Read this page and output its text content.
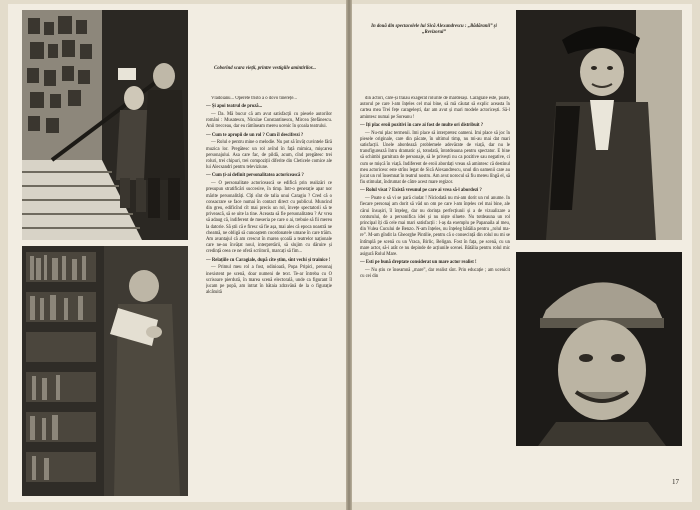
Coborînd scara vieții, printre vestigiile amintirilor...

Vlădoianu... Operete tristo a o dovo tinerețe...

— Și apoi teatrul de proză...

— Da. Mă bucur că am avut satisfacții cu piesele autorilor români : Musatescu, Niculae Constantinescu, Mircea Ștefănescu. Anii trecceau, dar eu rămîneam mereu ucenic în școala teatrului.

— Cum te apropii de un rol ? Cum îl descifrezi ?

— Rolul e pentru mine o melodie. Nu pot să învăț cuvintele fără muzica lor. Pregătesc un rol avînd în față mimica, mișcarea personajului. Asa care fac, de pildă, acum, cînd pregătesc trei roluri, trei chipuri, trei compoziții diferite din Cleticele comice ale lui Alecsandri pentru televiziune.

— Cum ți-ai definit personalitatea actoricească ?

— O personalitate actoricească se edifică prin realizări ce presupun stratificări succesive, în timp. Intr-o generație apar nor mărite personalități. Cîți sînt de talia unui Caragiu ? Cred că o consacrare se face numai în contact direct cu publicul. Muncind din greu, edificînd cît mai precis un rol, învețe spectatorii să te privească, să se uite la tine. Aceasta să fie personalitatea ? Ar vrea să adaug că, indiferent de meseria pe care o ai, trebuie să fii mereu la datorie. Să știi că e firesc să fie așa, mai ales că epoca noastră ne cheamă, ne obligă să cunoaștem coordonatele umane în care trăim. Am avantajul că am crescut în marea școală a teatrelor naționale care ne-au învățat noul, interpretării, să slujim cu dăruire și credință ceea ce ne oferă scriitorii, marcați să fim...

— Relațiile cu Caragiale, după cîte știm, sînt vechi și trainice !

— Primul meu rol a fost, odinioară, Popa Pripici, personaj inexistent pe scenă, doar numeni de text. Te-ar întreba cu O scrisoare pierdută, în marea scenă electorală, unde ca figurant îl jucam pe popă, am intrat în bătaia zdravănă de la o figurație alcătuită

In două din spectacolele lui Sică Alexandrescu : „Bădăranii” și „Revizorul”

din actori, care-și trăiau exagerat rolurile de mardeiași. Caragiale este, poate, autorul pe care l-am înțeles cel mai bine, să mă căutat să explic aceasta în cartea mea Trei fețe caragelești, dar am avut și mari modele actoricești. Să-l amintesc numai pe Soreanu !

— Iți plac eroii pozitivi în care ai fost de multe ori distribuit ?

— Nu-mi plac termenii. Imi place să interpretez oameni. Imi place să joc în piesele originale, care din păcate, în ultimul timp, nu mi-au mai dat mari satisfacții. Unele abordează problemele adevărate de viață, dar nu le transfigurează întru dramatic și, totodată, întotdeauna pentru spectator. E bine să schimbi garnitura de personaje, să le privești nu ca pozitive sau negative, ci cum se mișcă în viață. Indiferent de eroii abordați vreau să amintesc că destinul meu actoricesc este strîns legat de Sică Alexandrescu, unul din oamenii care au jucat un rol însemnat în teatrul nostru. Am avut norocul să fiu mereu lîngă el, să fiu stimulat, îndrumat de către acest mare regizor.

— Rolul visat ? Există vreunul pe care ai vrea să-l abordezi ?

— Poate o să vi se pară ciudat ! Niciodată nu mi-am dorit un rol anume. In fiecare personaj am dorit să văd un om pe care l-am înțeles cel mai bine, ale cărui însușiri, îl înțeleg, dar nu dorința perfecțiunii și a de vizualizare a conturului, de a personifica idei și nu niște siluete. Nu totdeauna un rol principal îți dă cele mai mari satisfacții : l-aș da exemplu pe Papanaila al meu, din Vulea Cucului de Benzo. N-am înțeles, nu înțeleg bătălia pentru „rolul mare”. M-am gîndit la Gheorghe Pintilie, pentru că o consecință din rolul nu mi se întîmplă pe scenă cu un Vraca, Birlic, Beligan. Fost în fața, pe scenă, cu un mare actor, să-i arăt ce nu depinde de acțiunile scenei. Bătălia pentru rolul mic asigură Rolul Mare.

— Esti pe bună dreptate considerat un mare actor realist !

— Nu știu ce înseamnă „mare”, dar realist sînt. Prin educație ; am ucenicit cu cei din

17
